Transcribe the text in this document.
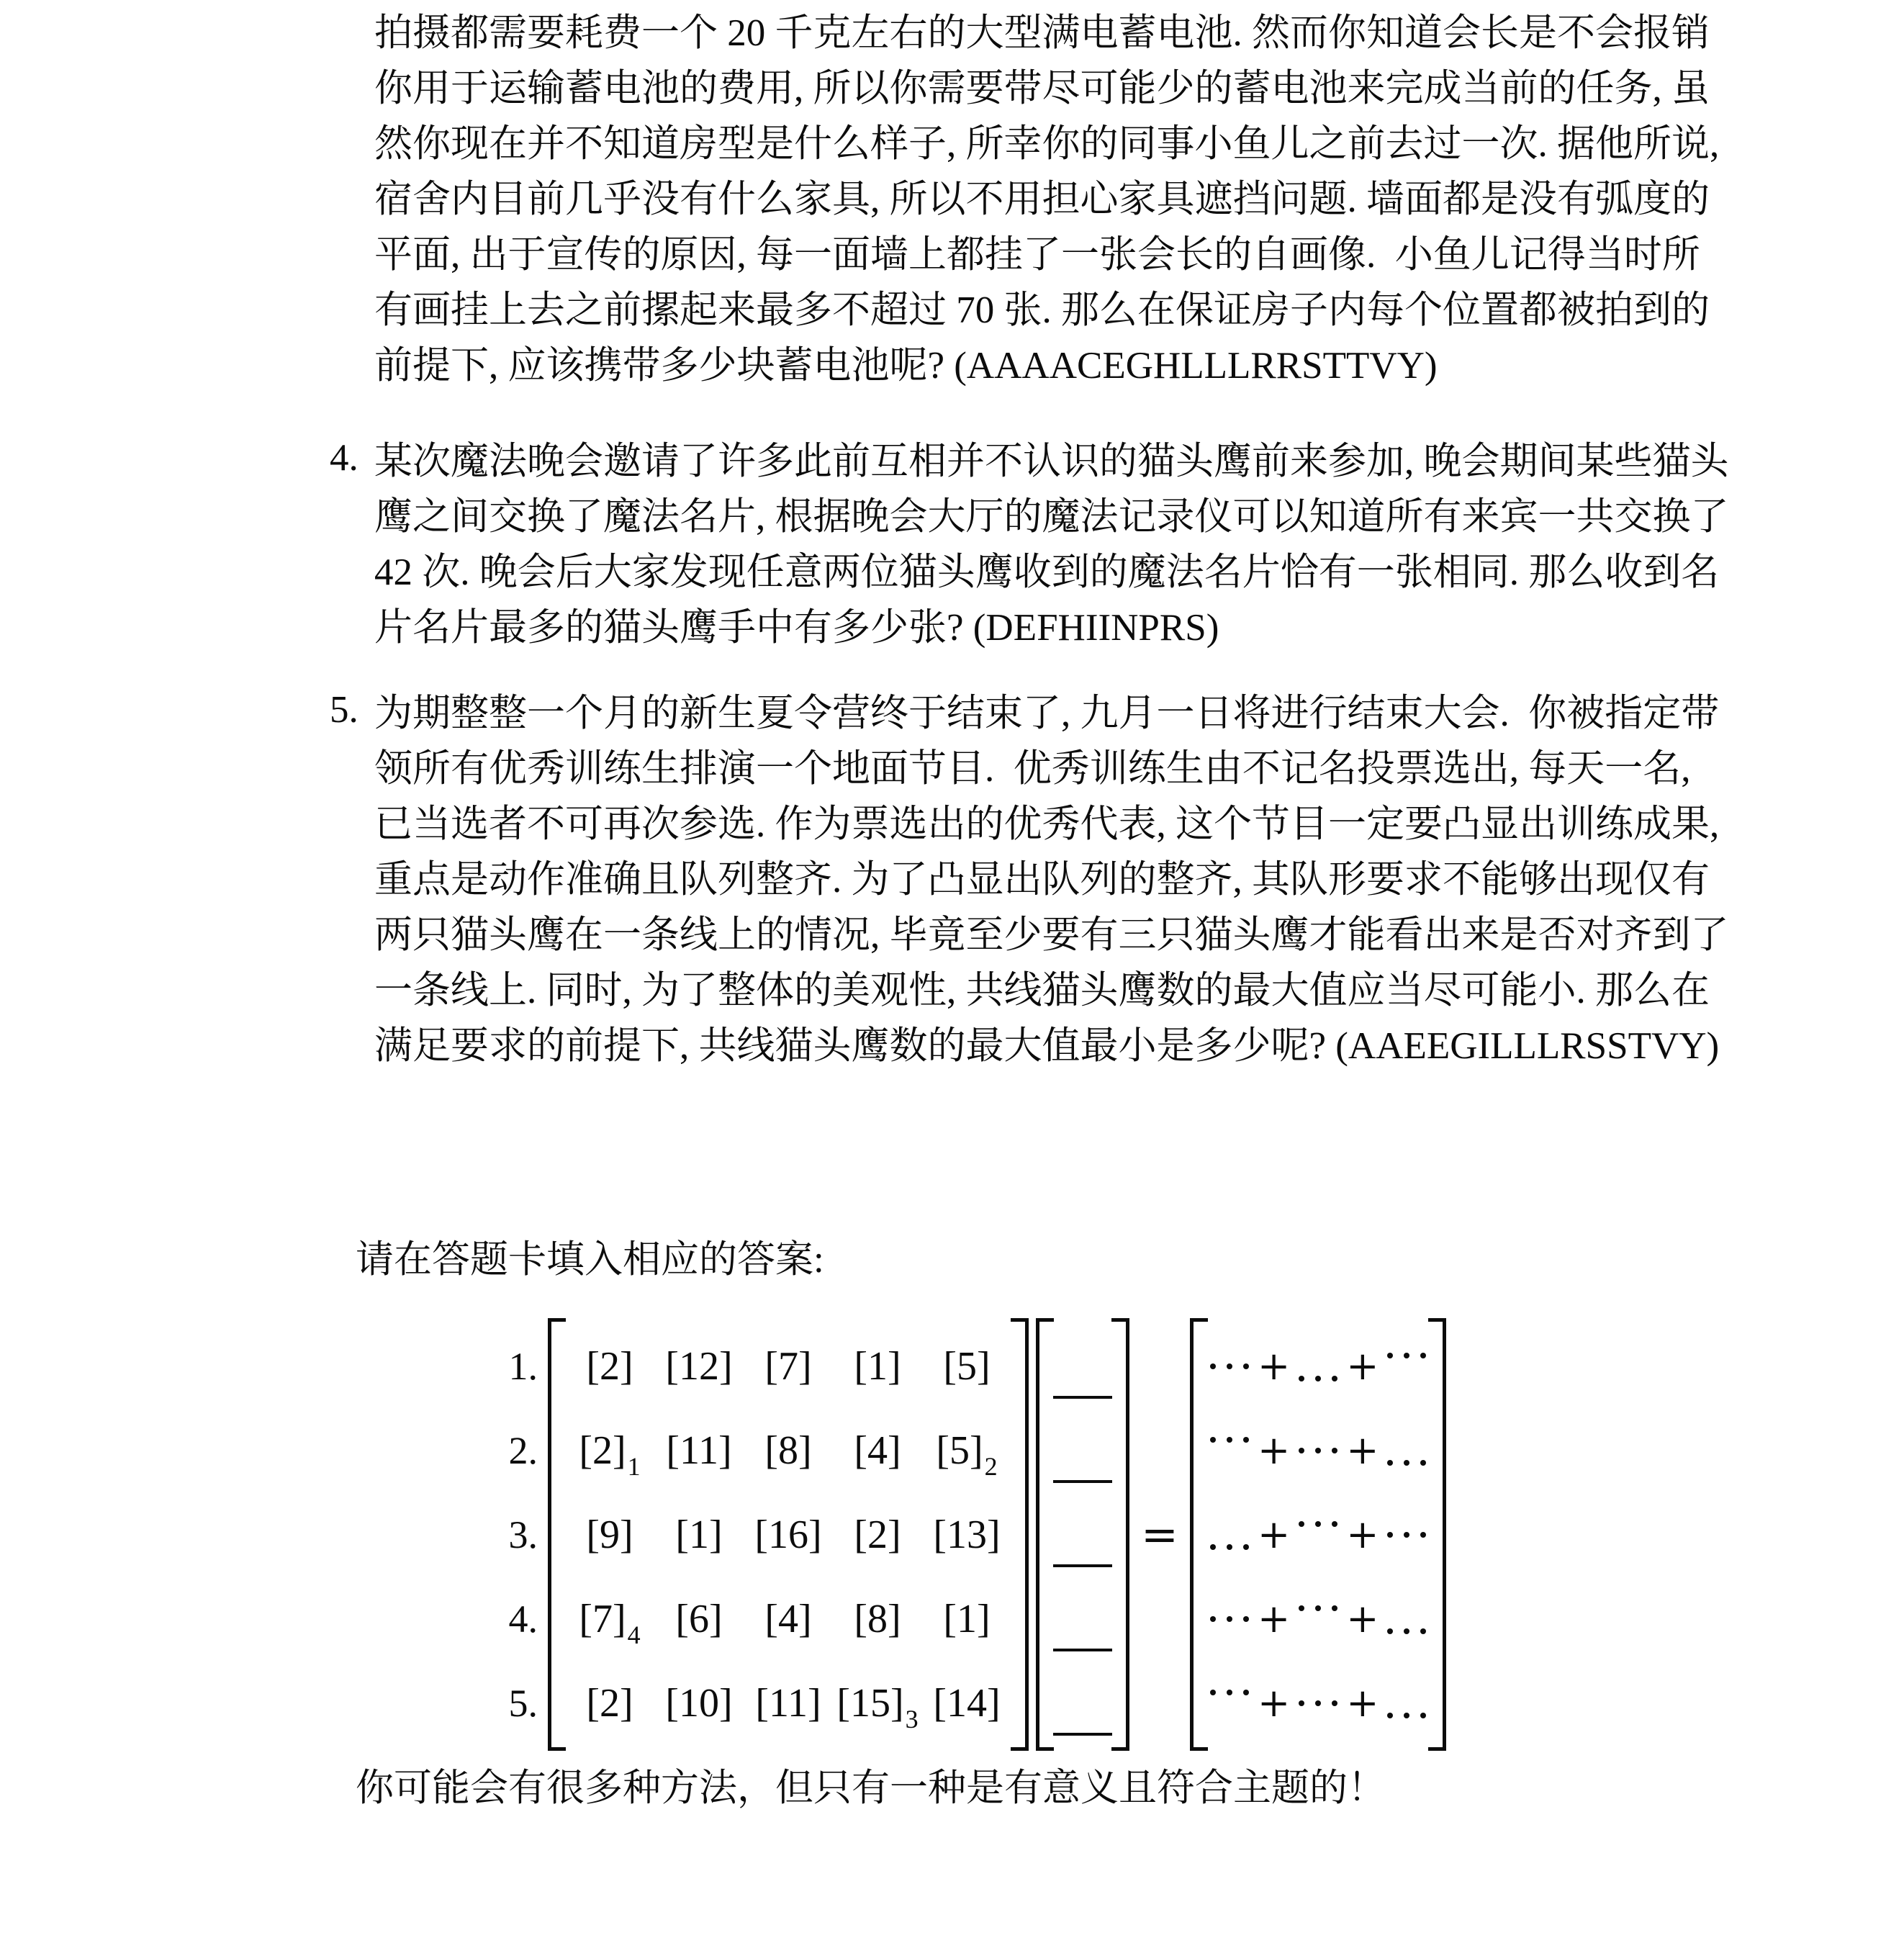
拍摄都需要耗费一个 20 千克左右的大型满电蓄电池. 然而你知道会长是不会报销
你用于运输蓄电池的费用, 所以你需要带尽可能少的蓄电池来完成当前的任务, 虽
然你现在并不知道房型是什么样子, 所幸你的同事小鱼儿之前去过一次. 据他所说,
宿舍内目前几乎没有什么家具, 所以不用担心家具遮挡问题. 墙面都是没有弧度的
平面, 出于宣传的原因, 每一面墙上都挂了一张会长的自画像.  小鱼儿记得当时所
有画挂上去之前摞起来最多不超过 70 张. 那么在保证房子内每个位置都被拍到的
前提下, 应该携带多少块蓄电池呢? (AAAACEGHLLLRRSTTVY)
4. 某次魔法晚会邀请了许多此前互相并不认识的猫头鹰前来参加, 晚会期间某些猫头
鹰之间交换了魔法名片, 根据晚会大厅的魔法记录仪可以知道所有来宾一共交换了
42 次. 晚会后大家发现任意两位猫头鹰收到的魔法名片恰有一张相同. 那么收到名
片名片最多的猫头鹰手中有多少张? (DEFHIINPRS)
5. 为期整整一个月的新生夏令营终于结束了, 九月一日将进行结束大会.  你被指定带
领所有优秀训练生排演一个地面节目.  优秀训练生由不记名投票选出, 每天一名,
已当选者不可再次参选. 作为票选出的优秀代表, 这个节目一定要凸显出训练成果,
重点是动作准确且队列整齐. 为了凸显出队列的整齐, 其队形要求不能够出现仅有
两只猫头鹰在一条线上的情况, 毕竟至少要有三只猫头鹰才能看出来是否对齐到了
一条线上. 同时, 为了整体的美观性, 共线猫头鹰数的最大值应当尽可能小. 那么在
满足要求的前提下, 共线猫头鹰数的最大值最小是多少呢? (AAEEGILLLRSSTVY)
请在答题卡填入相应的答案:
1.
2.
3.
4.
5.
[2] [12] [7] [1] [5]
$[2]_1$ [11] [8] [4] $[5]_2$
[9] [1] [16] [2] [13]
$[7]_4$ [6] [4] [8] [1]
[2] [10] [11] $[15]_3$ [14]
=
+ +
+ +
+ +
+ +
+ +
你可能会有很多种方法，但只有一种是有意义且符合主题的！
